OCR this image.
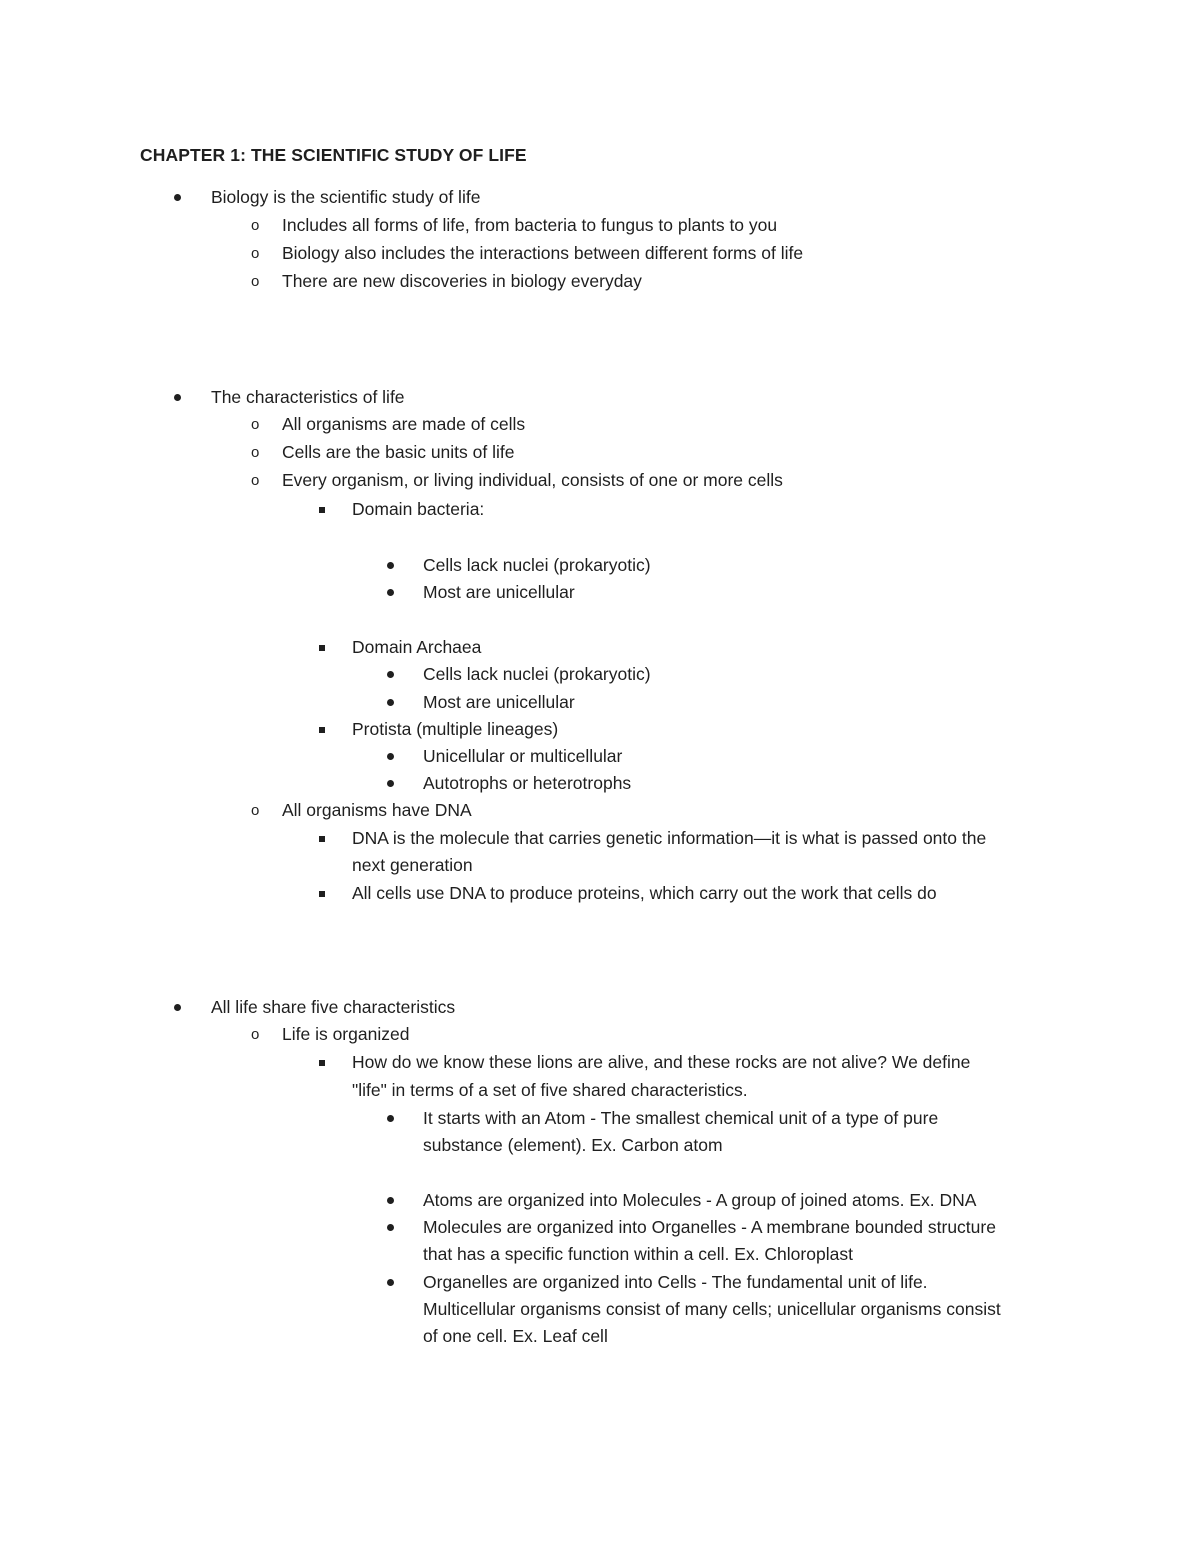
CHAPTER 1: THE SCIENTIFIC STUDY OF LIFE
Biology is the scientific study of life
o Includes all forms of life, from bacteria to fungus to plants to you
o Biology also includes the interactions between different forms of life
o There are new discoveries in biology everyday
The characteristics of life
o All organisms are made of cells
o Cells are the basic units of life
o Every organism, or living individual, consists of one or more cells
Domain bacteria:
Cells lack nuclei (prokaryotic)
Most are unicellular
Domain Archaea
Cells lack nuclei (prokaryotic)
Most are unicellular
Protista (multiple lineages)
Unicellular or multicellular
Autotrophs or heterotrophs
o All organisms have DNA
DNA is the molecule that carries genetic information—it is what is passed onto the
next generation
All cells use DNA to produce proteins, which carry out the work that cells do
All life share five characteristics
o Life is organized
How do we know these lions are alive, and these rocks are not alive? We define
"life" in terms of a set of five shared characteristics.
It starts with an Atom - The smallest chemical unit of a type of pure
substance (element). Ex. Carbon atom
Atoms are organized into Molecules - A group of joined atoms. Ex. DNA
Molecules are organized into Organelles - A membrane bounded structure
that has a specific function within a cell. Ex. Chloroplast
Organelles are organized into Cells - The fundamental unit of life.
Multicellular organisms consist of many cells; unicellular organisms consist
of one cell. Ex. Leaf cell
